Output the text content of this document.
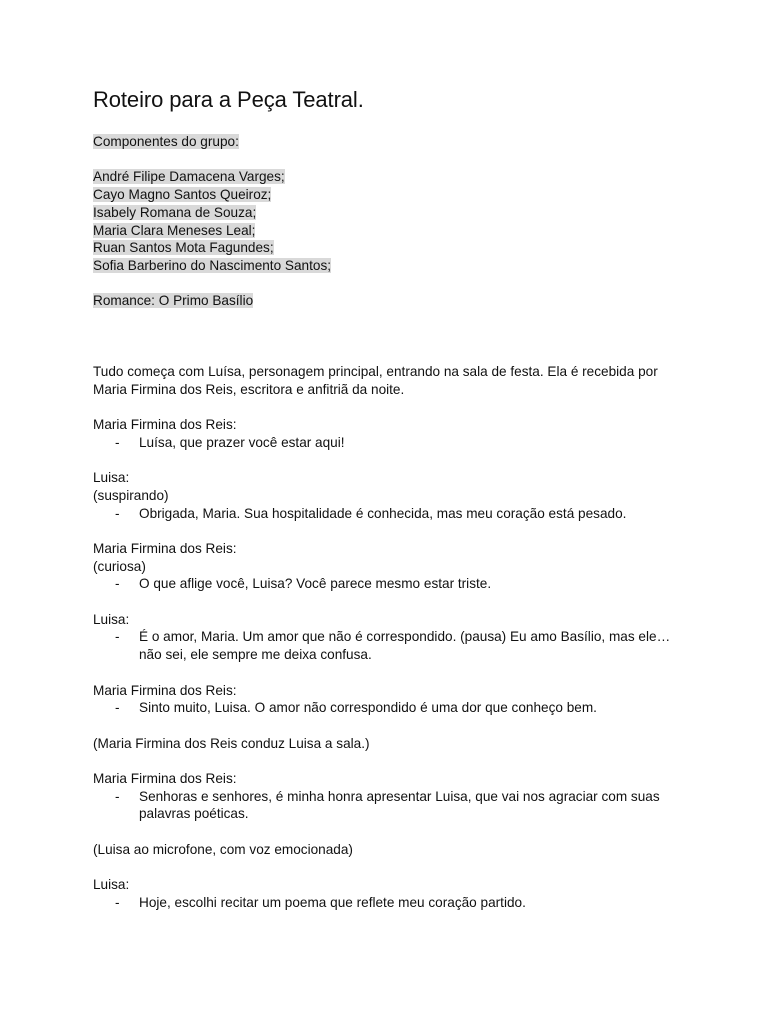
Roteiro para a Peça Teatral.

Componentes do grupo:

André Filipe Damacena Varges;

Cayo Magno Santos Queiroz;

Isabely Romana de Souza;

Maria Clara Meneses Leal;

Ruan Santos Mota Fagundes;

Sofia Barberino do Nascimento Santos;

Romance: O Primo Basílio

Tudo começa com Luísa, personagem principal, entrando na sala de festa. Ela é recebida por Maria Firmina dos Reis, escritora e anfitriã da noite.

Maria Firmina dos Reis:

-	Luísa, que prazer você estar aqui!

Luisa:

(suspirando)

-	Obrigada, Maria. Sua hospitalidade é conhecida, mas meu coração está pesado.

Maria Firmina dos Reis:

(curiosa)

-	O que aflige você, Luisa? Você parece mesmo estar triste.

Luisa:

-	É o amor, Maria. Um amor que não é correspondido. (pausa) Eu amo Basílio, mas ele… não sei, ele sempre me deixa confusa.

Maria Firmina dos Reis:

-	Sinto muito, Luisa. O amor não correspondido é uma dor que conheço bem.

(Maria Firmina dos Reis conduz Luisa a sala.)

Maria Firmina dos Reis:

-	Senhoras e senhores, é minha honra apresentar Luisa, que vai nos agraciar com suas palavras poéticas.

(Luisa ao microfone, com voz emocionada)

Luisa:

-	Hoje, escolhi recitar um poema que reflete meu coração partido.
